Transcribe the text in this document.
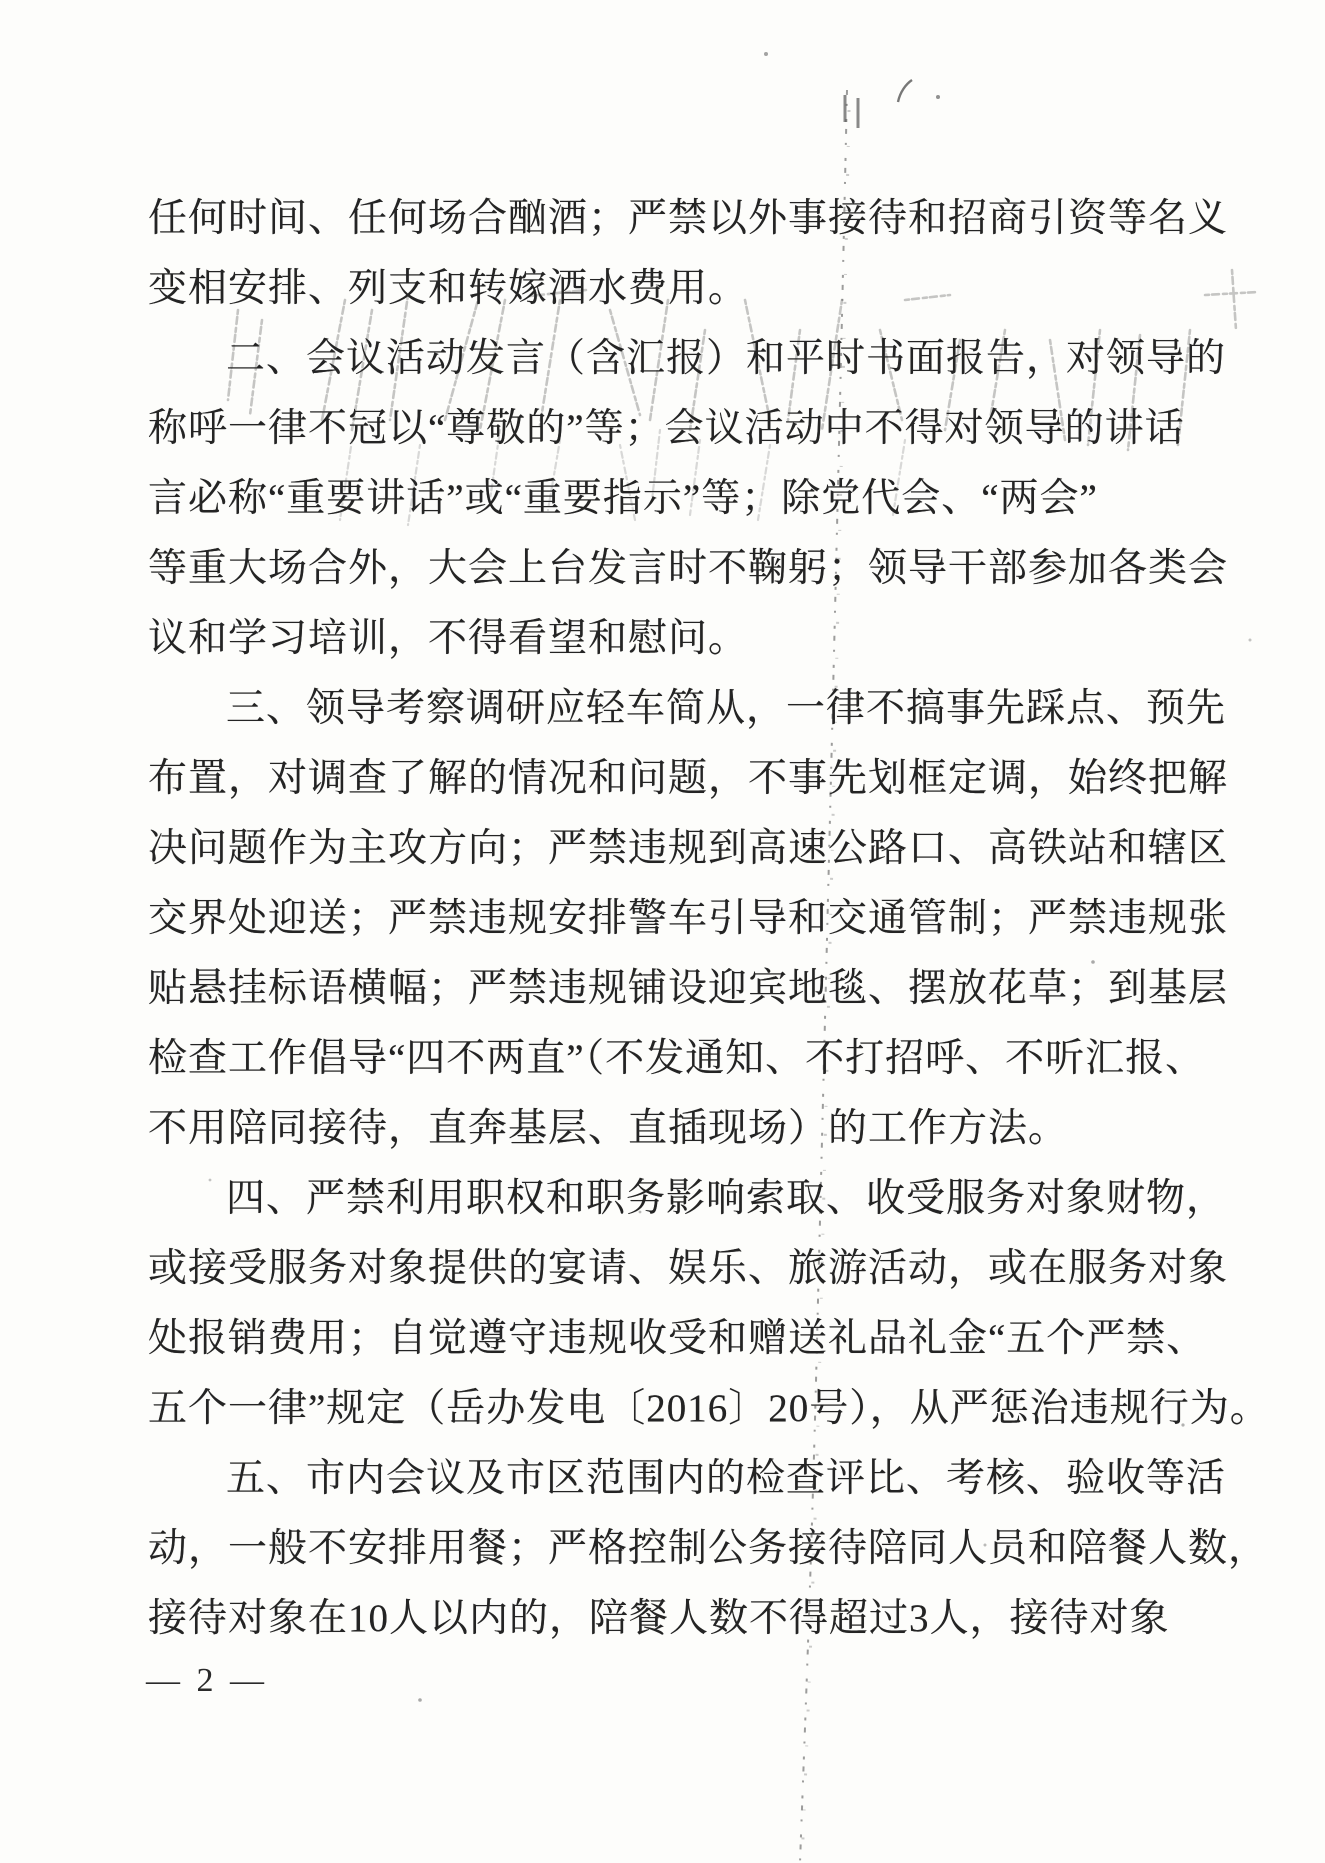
任何时间、任何场合酗酒；严禁以外事接待和招商引资等名义

变相安排、列支和转嫁酒水费用。

二、会议活动发言（含汇报）和平时书面报告，对领导的

称呼一律不冠以“尊敬的”等；会议活动中不得对领导的讲话

言必称“重要讲话”或“重要指示”等；除党代会、“两会”

等重大场合外，大会上台发言时不鞠躬；领导干部参加各类会

议和学习培训，不得看望和慰问。

三、领导考察调研应轻车简从，一律不搞事先踩点、预先

布置，对调查了解的情况和问题，不事先划框定调，始终把解

决问题作为主攻方向；严禁违规到高速公路口、高铁站和辖区

交界处迎送；严禁违规安排警车引导和交通管制；严禁违规张

贴悬挂标语横幅；严禁违规铺设迎宾地毯、摆放花草；到基层

检查工作倡导“四不两直”（不发通知、不打招呼、不听汇报、

不用陪同接待，直奔基层、直插现场）的工作方法。

四、严禁利用职权和职务影响索取、收受服务对象财物，

或接受服务对象提供的宴请、娱乐、旅游活动，或在服务对象

处报销费用；自觉遵守违规收受和赠送礼品礼金“五个严禁、

五个一律”规定（岳办发电〔2016〕20号），从严惩治违规行为。

五、市内会议及市区范围内的检查评比、考核、验收等活

动，一般不安排用餐；严格控制公务接待陪同人员和陪餐人数，

接待对象在10人以内的，陪餐人数不得超过3人，接待对象

— 2 —
